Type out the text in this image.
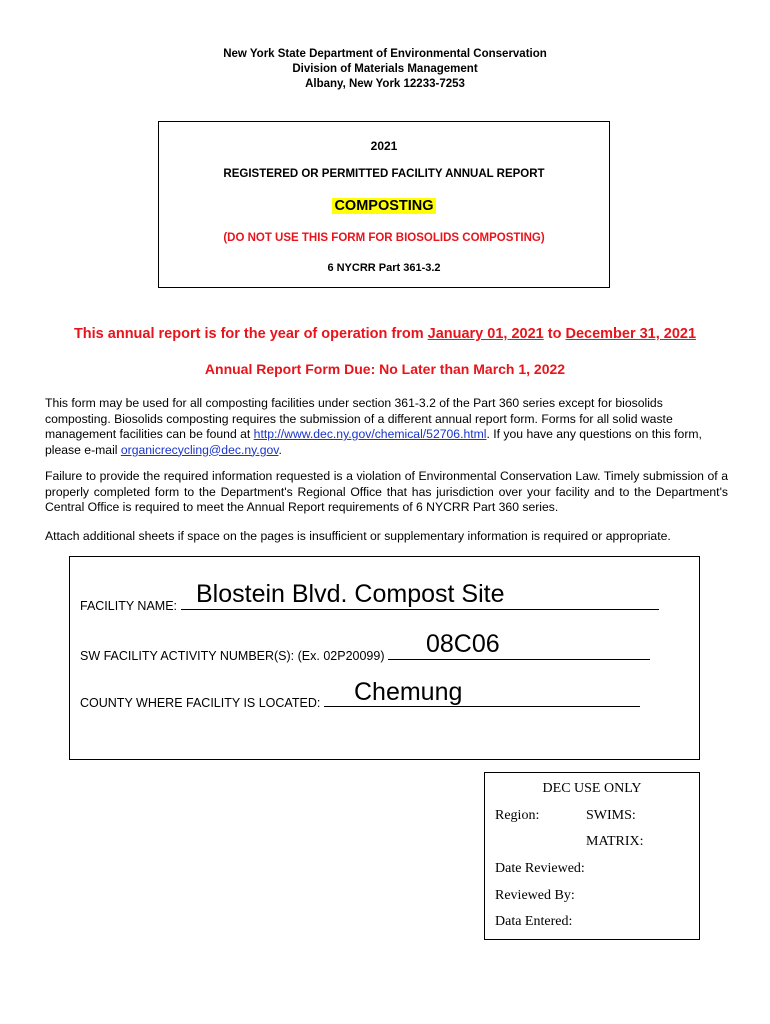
New York State Department of Environmental Conservation
Division of Materials Management
Albany, New York 12233-7253
2021
REGISTERED OR PERMITTED FACILITY ANNUAL REPORT
COMPOSTING
(DO NOT USE THIS FORM FOR BIOSOLIDS COMPOSTING)
6 NYCRR Part 361-3.2
This annual report is for the year of operation from January 01, 2021 to December 31, 2021
Annual Report Form Due: No Later than March 1, 2022
This form may be used for all composting facilities under section 361-3.2 of the Part 360 series except for biosolids composting. Biosolids composting requires the submission of a different annual report form. Forms for all solid waste management facilities can be found at http://www.dec.ny.gov/chemical/52706.html. If you have any questions on this form, please e-mail organicrecycling@dec.ny.gov.
Failure to provide the required information requested is a violation of Environmental Conservation Law. Timely submission of a properly completed form to the Department's Regional Office that has jurisdiction over your facility and to the Department's Central Office is required to meet the Annual Report requirements of 6 NYCRR Part 360 series.
Attach additional sheets if space on the pages is insufficient or supplementary information is required or appropriate.
FACILITY NAME: Blostein Blvd. Compost Site
SW FACILITY ACTIVITY NUMBER(S): (Ex. 02P20099)	08C06
COUNTY WHERE FACILITY IS LOCATED:	Chemung
DEC USE ONLY
Region:	SWIMS:
MATRIX:
Date Reviewed:
Reviewed By:
Data Entered:
